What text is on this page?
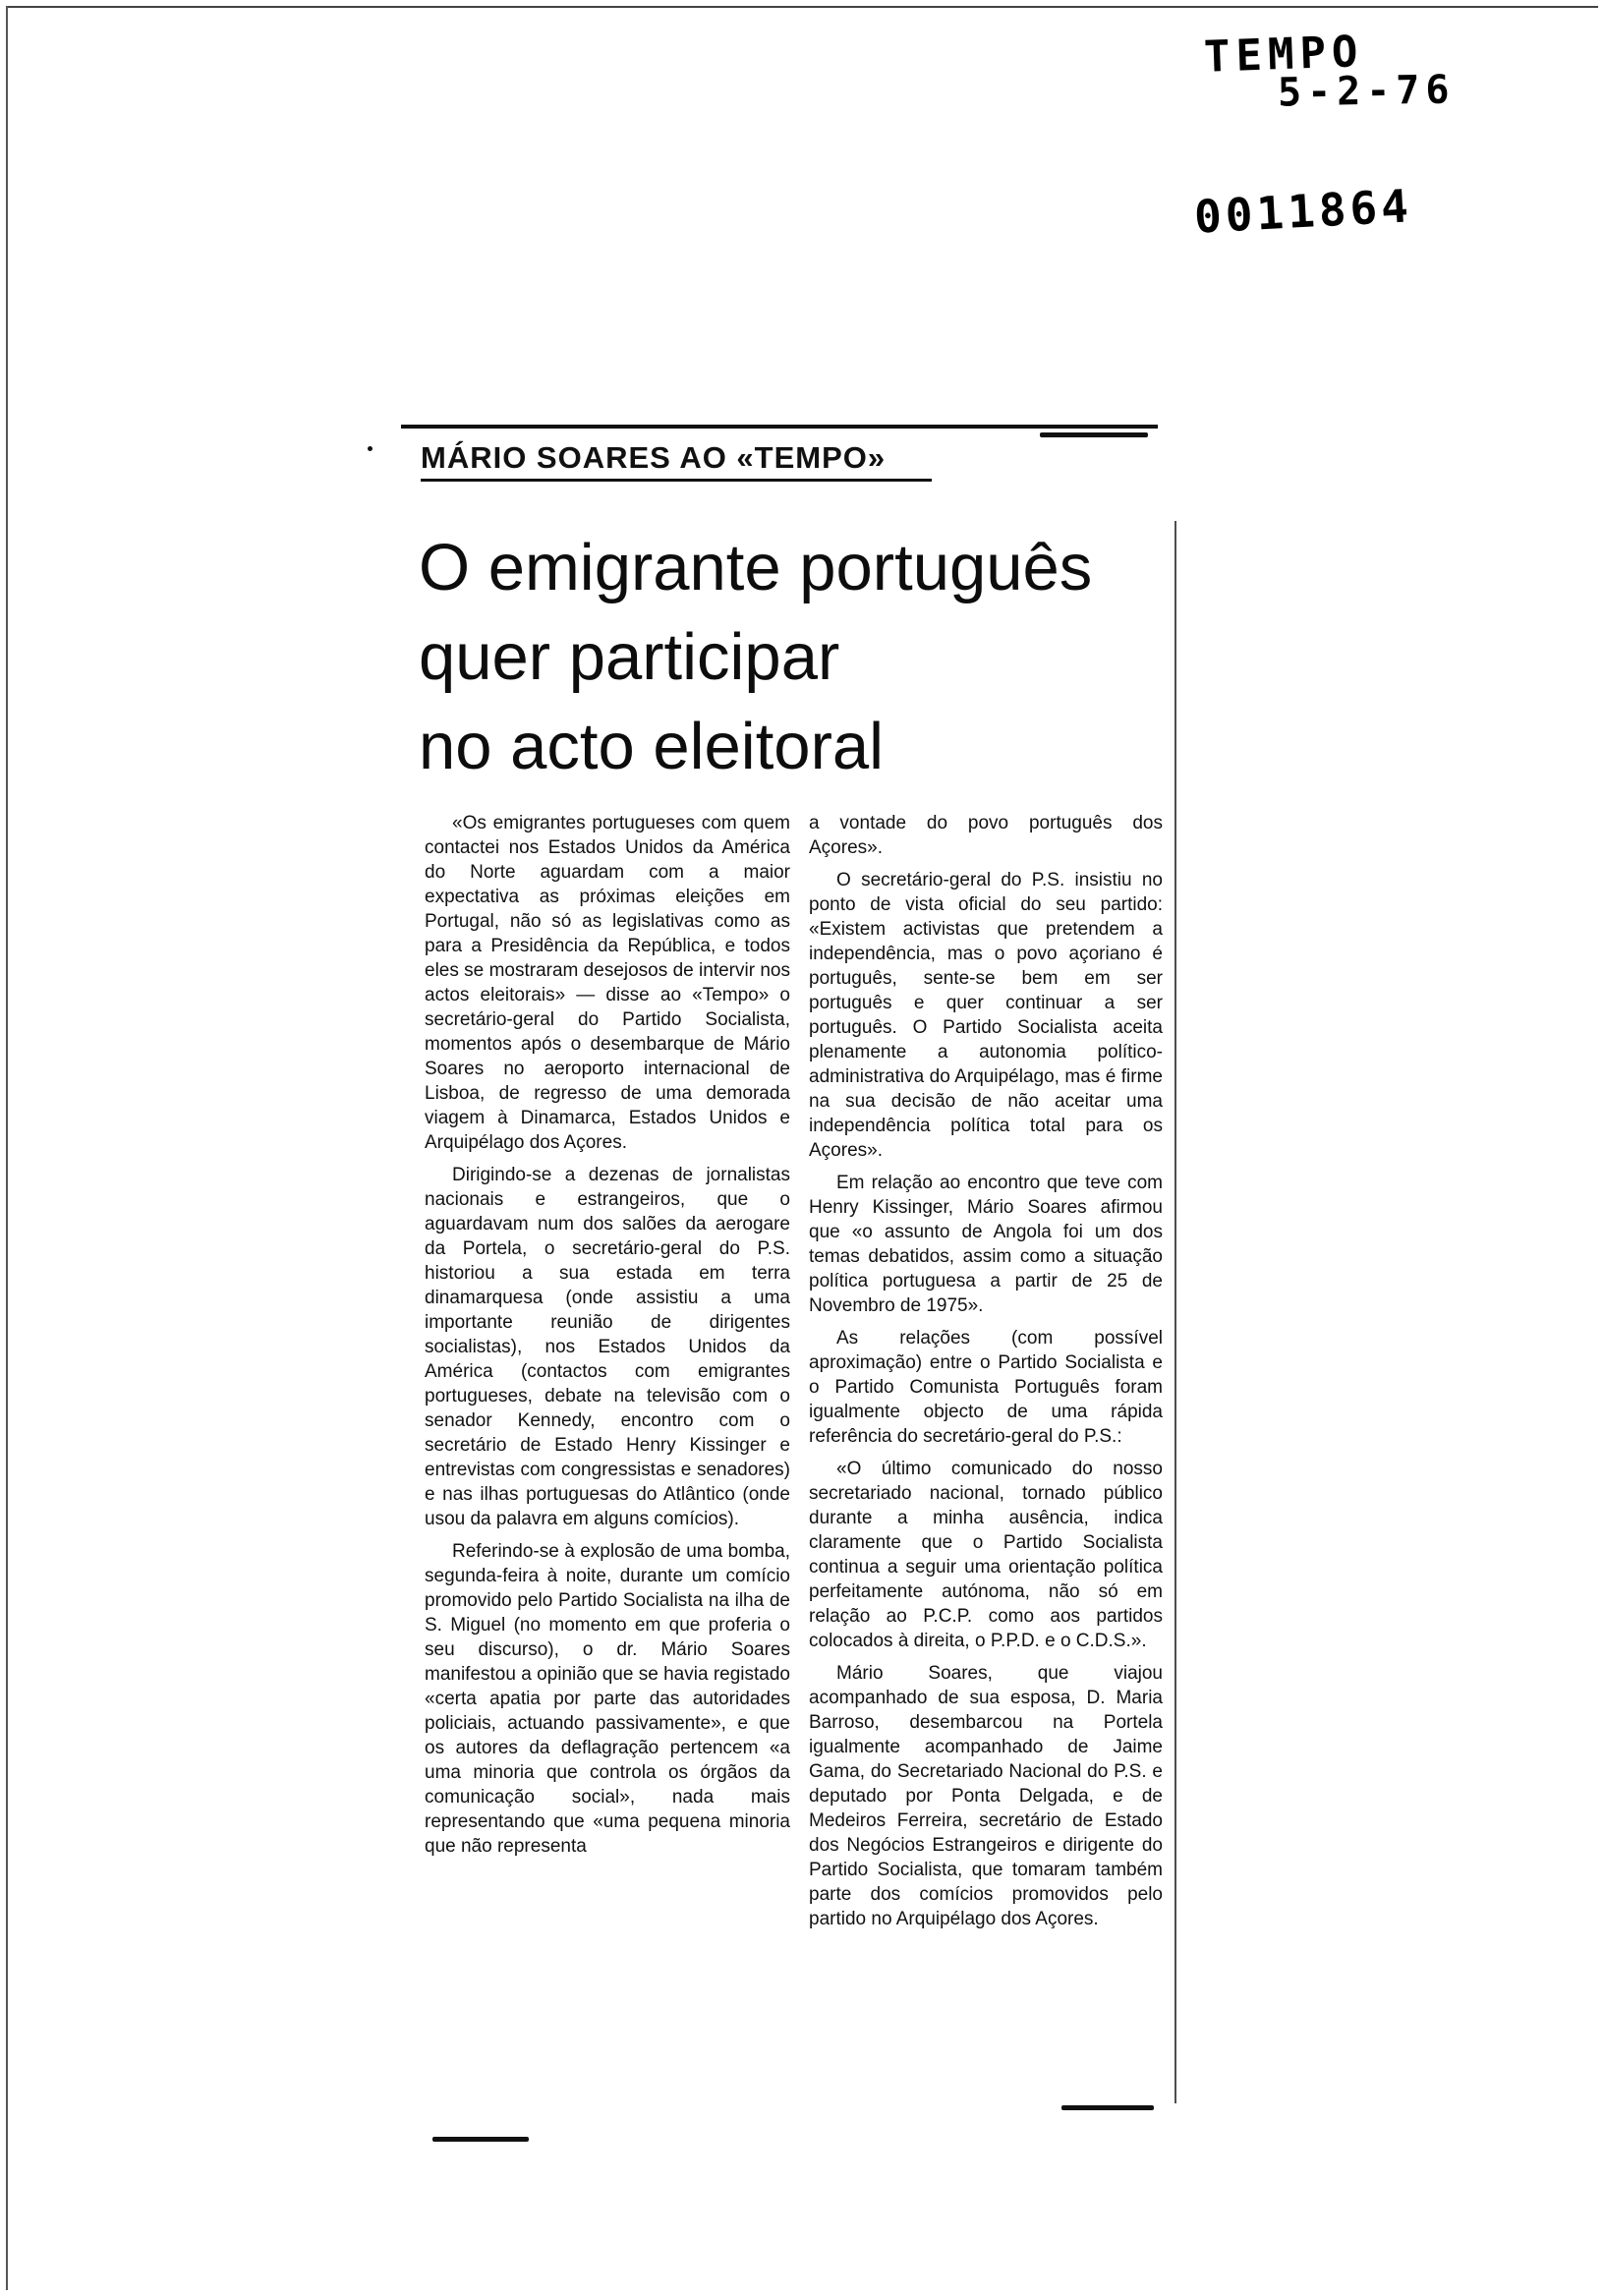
TEMPO
5-2-76
0011864
MÁRIO SOARES AO «TEMPO»
O emigrante português
quer participar
no acto eleitoral

«Os emigrantes portugueses com quem contactei nos Estados Unidos da América do Norte aguardam com a maior expectativa as próximas eleições em Portugal, não só as legislativas como as para a Presidência da República, e todos eles se mostraram desejosos de intervir nos actos eleitorais» — disse ao «Tempo» o secretário-geral do Partido Socialista, momentos após o desembarque de Mário Soares no aeroporto internacional de Lisboa, de regresso de uma demorada viagem à Dinamarca, Estados Unidos e Arquipélago dos Açores.

Dirigindo-se a dezenas de jornalistas nacionais e estrangeiros, que o aguardavam num dos salões da aerogare da Portela, o secretário-geral do P.S. historiou a sua estada em terra dinamarquesa (onde assistiu a uma importante reunião de dirigentes socialistas), nos Estados Unidos da América (contactos com emigrantes portugueses, debate na televisão com o senador Kennedy, encontro com o secretário de Estado Henry Kissinger e entrevistas com congressistas e senadores) e nas ilhas portuguesas do Atlântico (onde usou da palavra em alguns comícios).

Referindo-se à explosão de uma bomba, segunda-feira à noite, durante um comício promovido pelo Partido Socialista na ilha de S. Miguel (no momento em que proferia o seu discurso), o dr. Mário Soares manifestou a opinião que se havia registado «certa apatia por parte das autoridades policiais, actuando passivamente», e que os autores da deflagração pertencem «a uma minoria que controla os órgãos da comunicação social», nada mais representando que «uma pequena minoria que não representa

a vontade do povo português dos Açores».

O secretário-geral do P.S. insistiu no ponto de vista oficial do seu partido: «Existem activistas que pretendem a independência, mas o povo açoriano é português, sente-se bem em ser português e quer continuar a ser português. O Partido Socialista aceita plenamente a autonomia político-administrativa do Arquipélago, mas é firme na sua decisão de não aceitar uma independência política total para os Açores».

Em relação ao encontro que teve com Henry Kissinger, Mário Soares afirmou que «o assunto de Angola foi um dos temas debatidos, assim como a situação política portuguesa a partir de 25 de Novembro de 1975».

As relações (com possível aproximação) entre o Partido Socialista e o Partido Comunista Português foram igualmente objecto de uma rápida referência do secretário-geral do P.S.:

«O último comunicado do nosso secretariado nacional, tornado público durante a minha ausência, indica claramente que o Partido Socialista continua a seguir uma orientação política perfeitamente autónoma, não só em relação ao P.C.P. como aos partidos colocados à direita, o P.P.D. e o C.D.S.».

Mário Soares, que viajou acompanhado de sua esposa, D. Maria Barroso, desembarcou na Portela igualmente acompanhado de Jaime Gama, do Secretariado Nacional do P.S. e deputado por Ponta Delgada, e de Medeiros Ferreira, secretário de Estado dos Negócios Estrangeiros e dirigente do Partido Socialista, que tomaram também parte dos comícios promovidos pelo partido no Arquipélago dos Açores.
